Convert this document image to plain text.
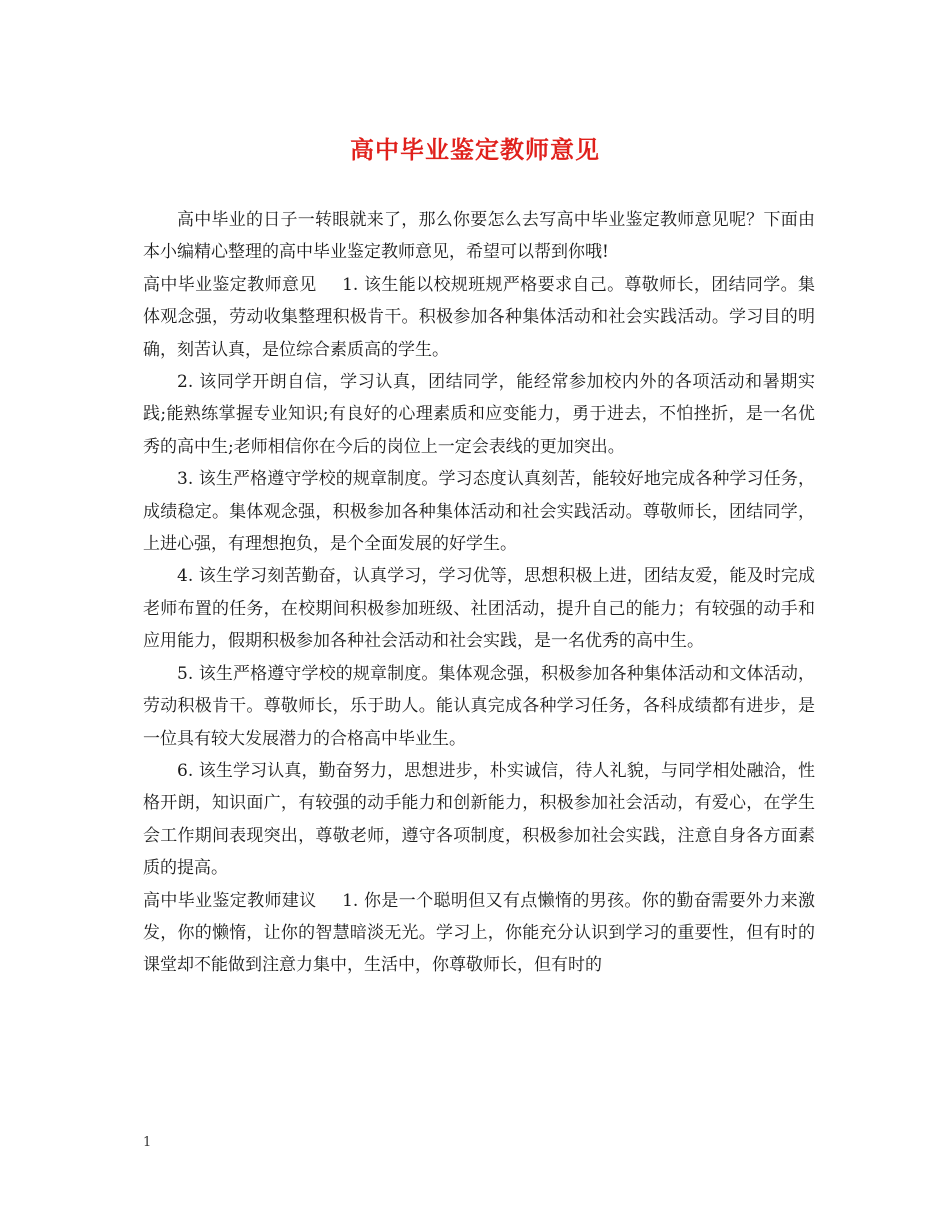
高中毕业鉴定教师意见

高中毕业的日子一转眼就来了，那么你要怎么去写高中毕业鉴定教师意见呢？下面由本小编精心整理的高中毕业鉴定教师意见，希望可以帮到你哦!

高中毕业鉴定教师意见 1. 该生能以校规班规严格要求自己。尊敬师长，团结同学。集体观念强，劳动收集整理积极肯干。积极参加各种集体活动和社会实践活动。学习目的明确，刻苦认真，是位综合素质高的学生。

2. 该同学开朗自信，学习认真，团结同学，能经常参加校内外的各项活动和暑期实践;能熟练掌握专业知识;有良好的心理素质和应变能力，勇于进去，不怕挫折，是一名优秀的高中生;老师相信你在今后的岗位上一定会表线的更加突出。

3. 该生严格遵守学校的规章制度。学习态度认真刻苦，能较好地完成各种学习任务，成绩稳定。集体观念强，积极参加各种集体活动和社会实践活动。尊敬师长，团结同学，上进心强，有理想抱负，是个全面发展的好学生。

4. 该生学习刻苦勤奋，认真学习，学习优等，思想积极上进，团结友爱，能及时完成老师布置的任务，在校期间积极参加班级、社团活动，提升自己的能力；有较强的动手和应用能力，假期积极参加各种社会活动和社会实践，是一名优秀的高中生。

5. 该生严格遵守学校的规章制度。集体观念强，积极参加各种集体活动和文体活动，劳动积极肯干。尊敬师长，乐于助人。能认真完成各种学习任务，各科成绩都有进步，是一位具有较大发展潜力的合格高中毕业生。

6. 该生学习认真，勤奋努力，思想进步，朴实诚信，待人礼貌，与同学相处融洽，性格开朗，知识面广，有较强的动手能力和创新能力，积极参加社会活动，有爱心，在学生会工作期间表现突出，尊敬老师，遵守各项制度，积极参加社会实践，注意自身各方面素质的提高。

高中毕业鉴定教师建议 1. 你是一个聪明但又有点懒惰的男孩。你的勤奋需要外力来激发，你的懒惰，让你的智慧暗淡无光。学习上，你能充分认识到学习的重要性，但有时的课堂却不能做到注意力集中，生活中，你尊敬师长，但有时的

1
